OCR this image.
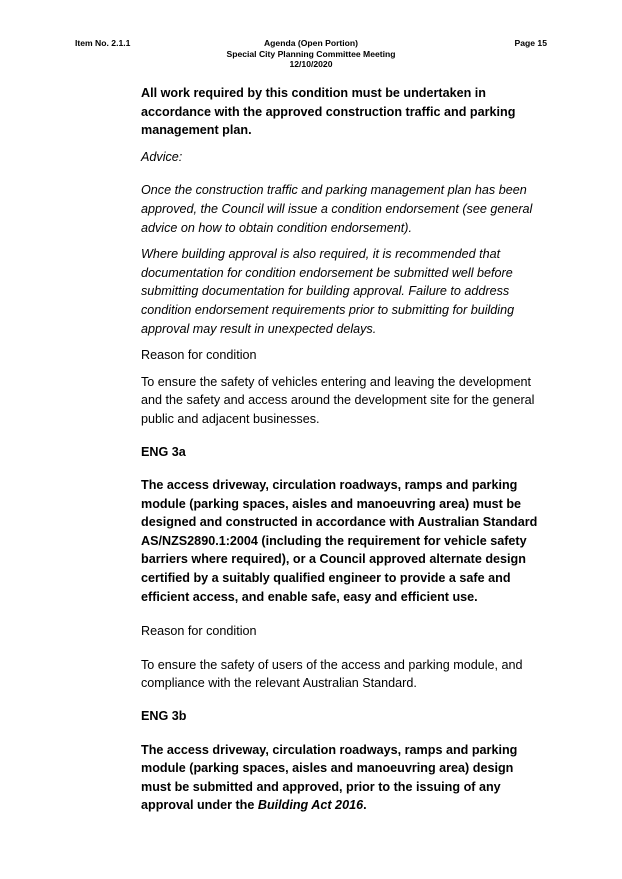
Item No. 2.1.1	Agenda (Open Portion)
Special City Planning Committee Meeting
12/10/2020
Page 15

All work required by this condition must be undertaken in accordance with the approved construction traffic and parking management plan.

Advice:

Once the construction traffic and parking management plan has been approved, the Council will issue a condition endorsement (see general advice on how to obtain condition endorsement).

Where building approval is also required, it is recommended that documentation for condition endorsement be submitted well before submitting documentation for building approval. Failure to address condition endorsement requirements prior to submitting for building approval may result in unexpected delays.

Reason for condition

To ensure the safety of vehicles entering and leaving the development and the safety and access around the development site for the general public and adjacent businesses.

ENG 3a

The access driveway, circulation roadways, ramps and parking module (parking spaces, aisles and manoeuvring area) must be designed and constructed in accordance with Australian Standard AS/NZS2890.1:2004 (including the requirement for vehicle safety barriers where required), or a Council approved alternate design certified by a suitably qualified engineer to provide a safe and efficient access, and enable safe, easy and efficient use.

Reason for condition

To ensure the safety of users of the access and parking module, and compliance with the relevant Australian Standard.

ENG 3b

The access driveway, circulation roadways, ramps and parking module (parking spaces, aisles and manoeuvring area) design must be submitted and approved, prior to the issuing of any approval under the Building Act 2016.
